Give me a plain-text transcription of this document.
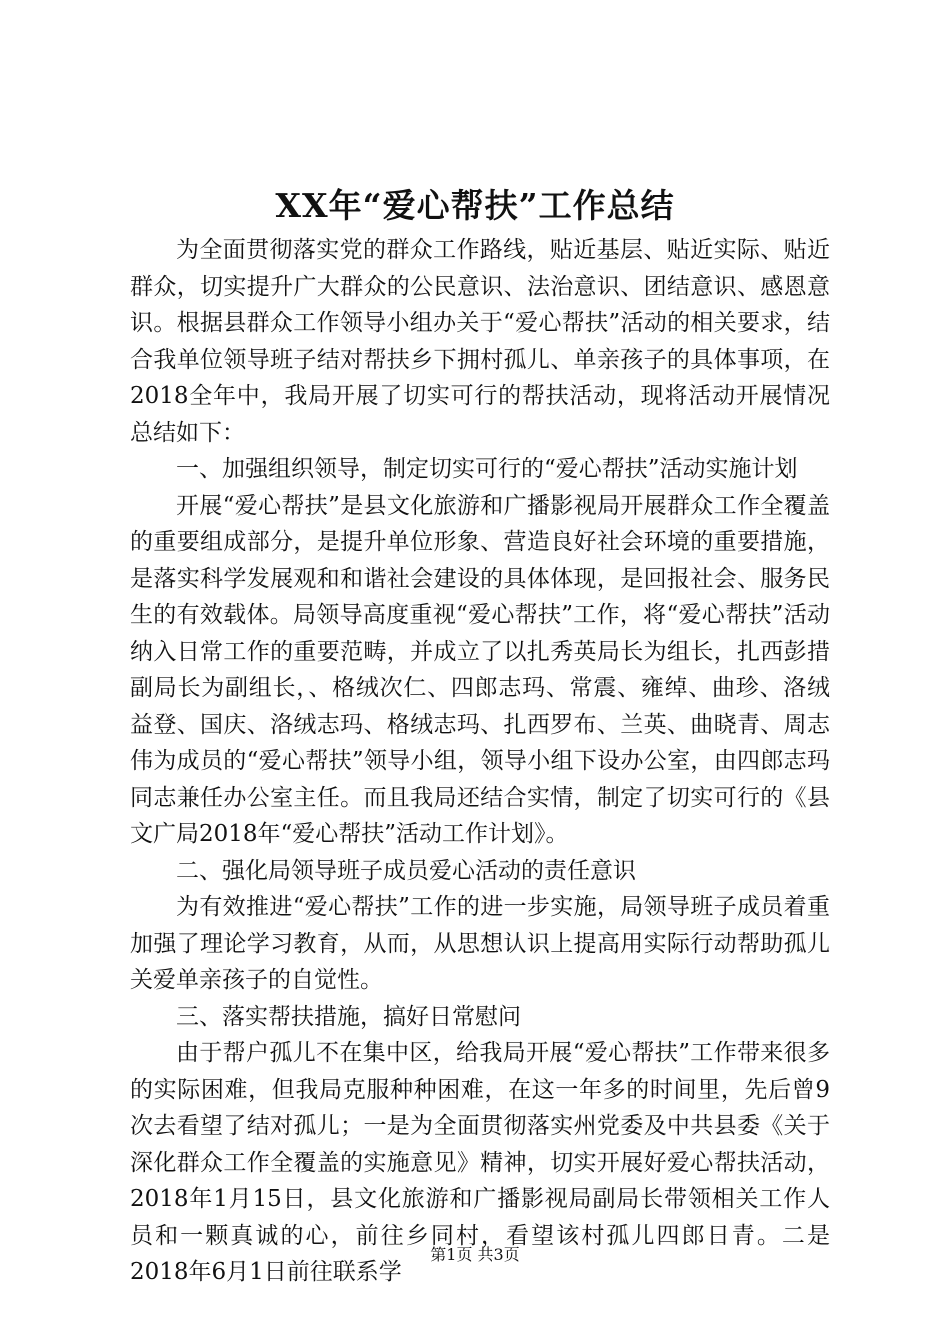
XX年“爱心帮扶”工作总结

为全面贯彻落实党的群众工作路线，贴近基层、贴近实际、贴近群众，切实提升广大群众的公民意识、法治意识、团结意识、感恩意识。根据县群众工作领导小组办关于“爱心帮扶”活动的相关要求，结合我单位领导班子结对帮扶乡下拥村孤儿、单亲孩子的具体事项，在2018全年中，我局开展了切实可行的帮扶活动，现将活动开展情况总结如下：

一、加强组织领导，制定切实可行的“爱心帮扶”活动实施计划

开展“爱心帮扶”是县文化旅游和广播影视局开展群众工作全覆盖的重要组成部分，是提升单位形象、营造良好社会环境的重要措施，是落实科学发展观和和谐社会建设的具体体现，是回报社会、服务民生的有效载体。局领导高度重视“爱心帮扶”工作，将“爱心帮扶”活动纳入日常工作的重要范畴，并成立了以扎秀英局长为组长，扎西彭措副局长为副组长，、格绒次仁、四郎志玛、常震、雍绰、曲珍、洛绒益登、国庆、洛绒志玛、格绒志玛、扎西罗布、兰英、曲晓青、周志伟为成员的“爱心帮扶”领导小组，领导小组下设办公室，由四郎志玛同志兼任办公室主任。而且我局还结合实情，制定了切实可行的《县文广局2018年“爱心帮扶”活动工作计划》。

二、强化局领导班子成员爱心活动的责任意识

为有效推进“爱心帮扶”工作的进一步实施，局领导班子成员着重加强了理论学习教育，从而，从思想认识上提高用实际行动帮助孤儿关爱单亲孩子的自觉性。

三、落实帮扶措施，搞好日常慰问

由于帮户孤儿不在集中区，给我局开展“爱心帮扶”工作带来很多的实际困难，但我局克服种种困难，在这一年多的时间里，先后曾9次去看望了结对孤儿；一是为全面贯彻落实州党委及中共县委《关于深化群众工作全覆盖的实施意见》精神，切实开展好爱心帮扶活动，2018年1月15日，县文化旅游和广播影视局副局长带领相关工作人员和一颗真诚的心，前往乡同村，看望该村孤儿四郎日青。二是2018年6月1日前往联系学

第1页 共3页
